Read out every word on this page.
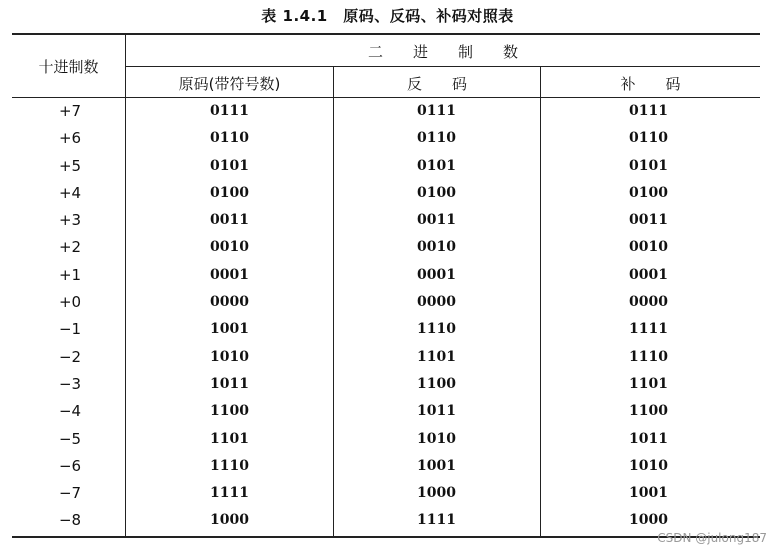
表 1.4.1　原码、反码、补码对照表
十进制数
二　　进　　制　　数
原码(带符号数)	反　　码	补　　码
+7	0111	0111	0111
+6	0110	0110	0110
+5	0101	0101	0101
+4	0100	0100	0100
+3	0011	0011	0011
+2	0010	0010	0010
+1	0001	0001	0001
+0	0000	0000	0000
−1	1001	1110	1111
−2	1010	1101	1110
−3	1011	1100	1101
−4	1100	1011	1100
−5	1101	1010	1011
−6	1110	1001	1010
−7	1111	1000	1001
−8	1000	1111	1000
CSDN @julong187
